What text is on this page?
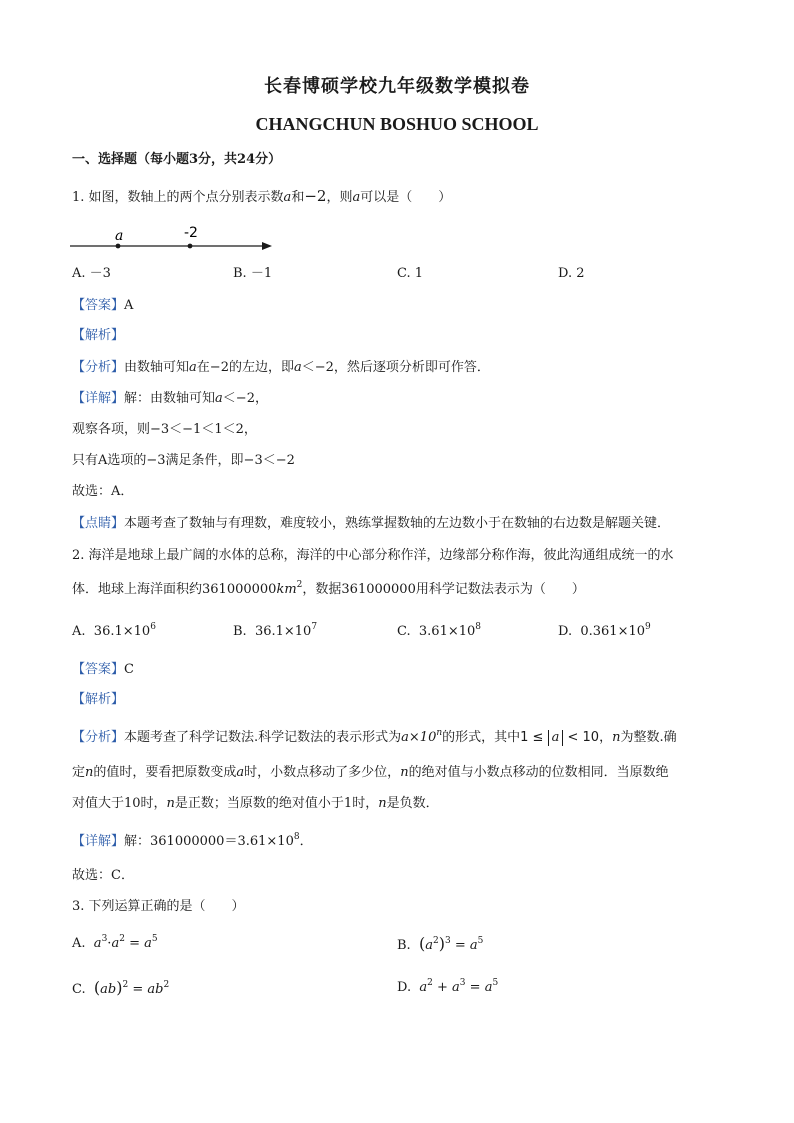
长春博硕学校九年级数学模拟卷
CHANGCHUN BOSHUO SCHOOL
一、选择题（每小题3分，共24分）
1. 如图，数轴上的两个点分别表示数a和−2，则a可以是（　　）
a	-2
A. －3	B. －1	C. 1	D. 2
【答案】A
【解析】
【分析】由数轴可知a在−2的左边，即a＜−2，然后逐项分析即可作答．
【详解】解：由数轴可知a＜−2，
观察各项，则−3＜−1＜1＜2，
只有A选项的−3满足条件，即−3＜−2
故选：A．
【点睛】本题考查了数轴与有理数，难度较小，熟练掌握数轴的左边数小于在数轴的右边数是解题关键．
2. 海洋是地球上最广阔的水体的总称，海洋的中心部分称作洋，边缘部分称作海，彼此沟通组成统一的水
体．地球上海洋面积约$361000000km^2$，数据361000000用科学记数法表示为（　　）
A. $36.1\times 10^6$	B. $36.1\times 10^7$	C. $3.61\times 10^8$	D. $0.361\times 10^9$
【答案】C
【解析】
【分析】本题考查了科学记数法.科学记数法的表示形式为$a\times 10^n$的形式，其中1 ≤ a < 10，n为整数.确
定n的值时，要看把原数变成a时，小数点移动了多少位，n的绝对值与小数点移动的位数相同．当原数绝
对值大于10时，n是正数；当原数的绝对值小于1时，n是负数．
【详解】解：$361000000=3.61\times 10^8$．
故选：C．
3. 下列运算正确的是（　　）
A. $a^3\cdot a^2 = a^5$	B. $(a^2)^3 = a^5$
C. $(ab)^2 = ab^2$	D. $a^2 + a^3 = a^5$
